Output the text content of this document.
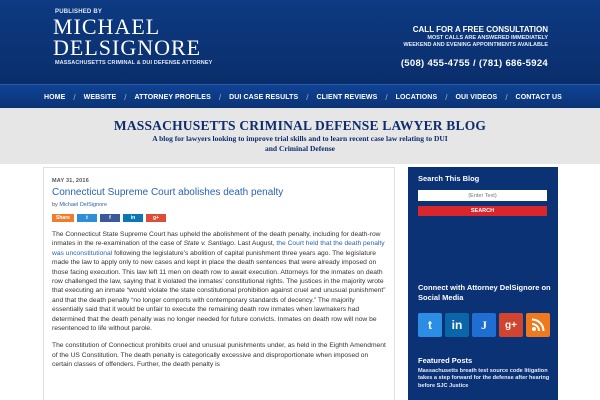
PUBLISHED BY
MICHAEL
DELSIGNORE
MASSACHUSETTS CRIMINAL & DUI DEFENSE ATTORNEY
CALL FOR A FREE CONSULTATION
MOST CALLS ARE ANSWERED IMMEDIATELY
WEEKEND AND EVENING APPOINTMENTS AVAILABLE
(508) 455-4755 / (781) 686-5924
HOME / WEBSITE / ATTORNEY PROFILES / DUI CASE RESULTS / CLIENT REVIEWS / LOCATIONS / OUI VIDEOS / CONTACT US
MASSACHUSETTS CRIMINAL DEFENSE LAWYER BLOG
A blog for lawyers looking to improve trial skills and to learn recent case law relating to DUI and Criminal Defense
MAY 31, 2016
Connecticut Supreme Court abolishes death penalty
by Michael DelSignore
Share	t	f	in	g+

The Connecticut State Supreme Court has upheld the abolishment of the death penalty, including for death-row inmates in the re-examination of the case of State v. Santiago. Last August, the Court held that the death penalty was unconstitutional following the legislature’s abolition of capital punishment three years ago. The legislature made the law to apply only to new cases and kept in place the death sentences that were already imposed on those facing execution. This law left 11 men on death row to await execution. Attorneys for the inmates on death row challenged the law, saying that it violated the inmates’ constitutional rights. The justices in the majority wrote that executing an inmate “would violate the state constitutional prohibition against cruel and unusual punishment” and that the death penalty “no longer comports with contemporary standards of decency.” The majority essentially said that it would be unfair to execute the remaining death row inmates when lawmakers had determined that the death penalty was no longer needed for future convicts. Inmates on death row will now be resentenced to life without parole.

The constitution of Connecticut prohibits cruel and unusual punishments under, as held in the Eighth Amendment of the US Constitution. The death penalty is categorically excessive and disproportionate when imposed on certain classes of offenders. Further, the death penalty is

Search This Blog
(Enter Text)
SEARCH
Connect with Attorney DelSignore on Social Media
t	in	J	g+
Featured Posts
Massachusetts breath test source code litigation takes a step forward for the defense after hearing before SJC Justice
